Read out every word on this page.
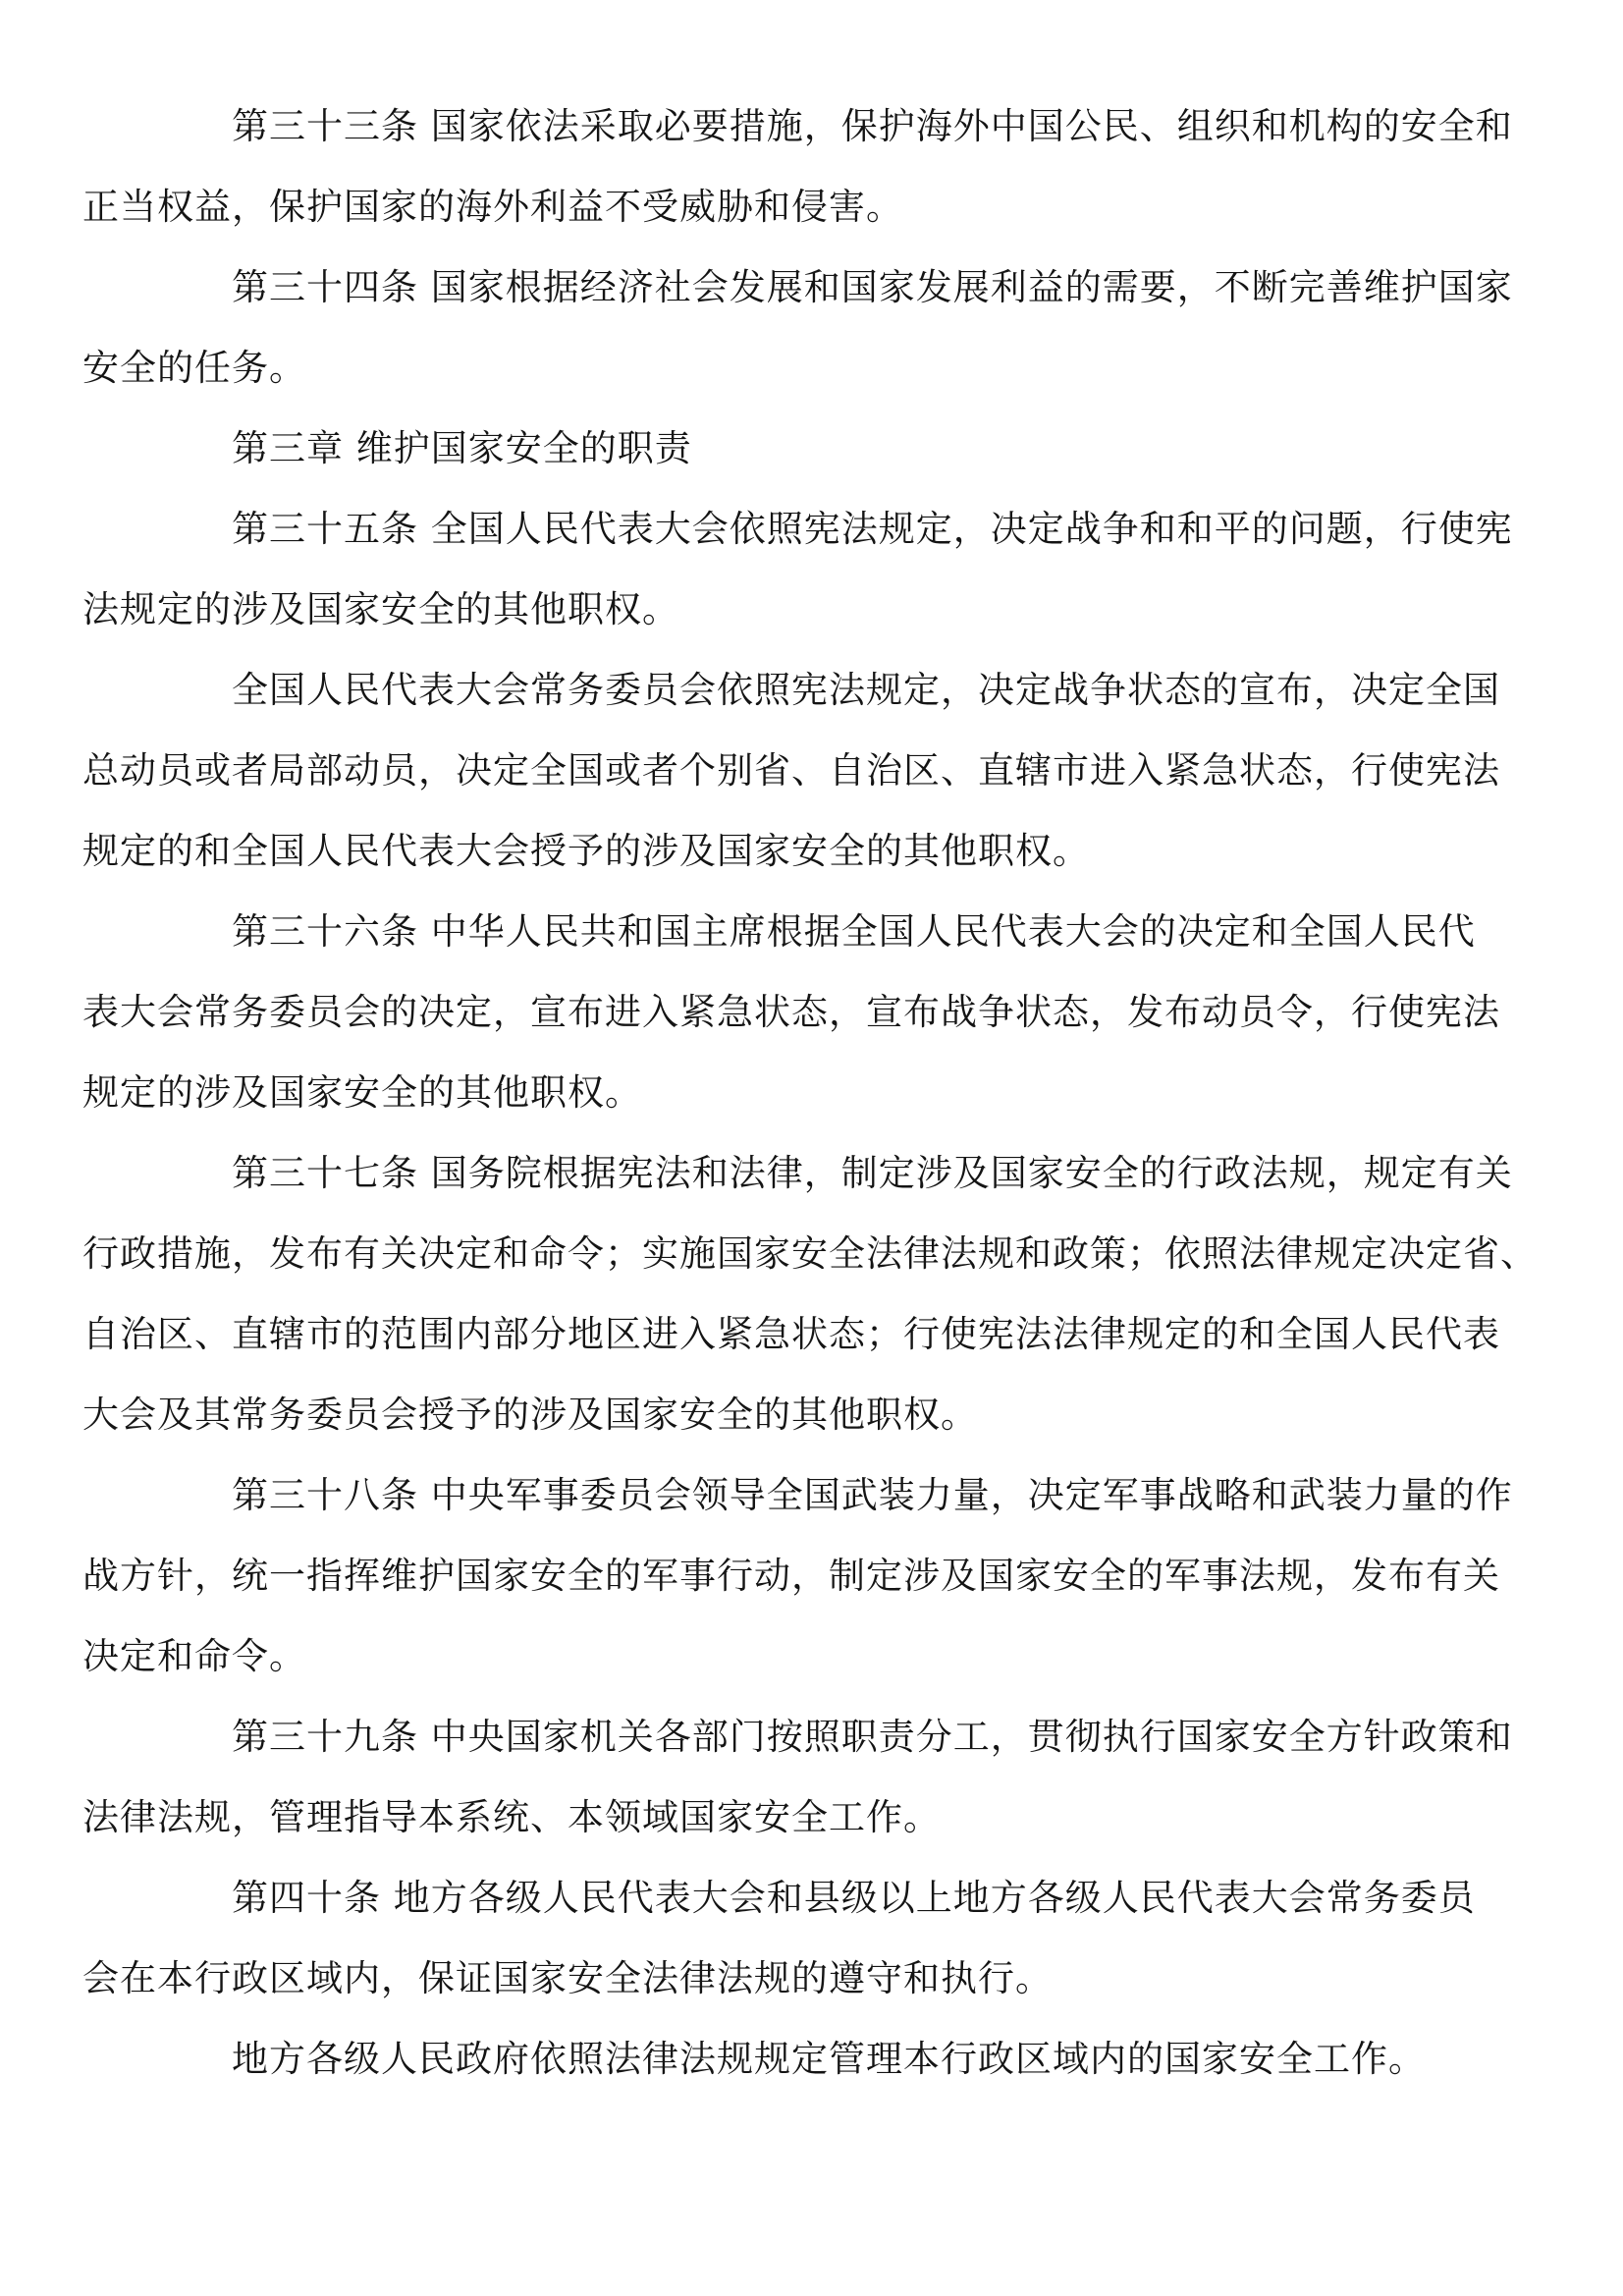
第三十三条 国家依法采取必要措施，保护海外中国公民、组织和机构的安全和
正当权益，保护国家的海外利益不受威胁和侵害。

第三十四条 国家根据经济社会发展和国家发展利益的需要，不断完善维护国家
安全的任务。

第三章 维护国家安全的职责

第三十五条 全国人民代表大会依照宪法规定，决定战争和和平的问题，行使宪
法规定的涉及国家安全的其他职权。

全国人民代表大会常务委员会依照宪法规定，决定战争状态的宣布，决定全国
总动员或者局部动员，决定全国或者个别省、自治区、直辖市进入紧急状态，行使宪法
规定的和全国人民代表大会授予的涉及国家安全的其他职权。

第三十六条 中华人民共和国主席根据全国人民代表大会的决定和全国人民代
表大会常务委员会的决定，宣布进入紧急状态，宣布战争状态，发布动员令，行使宪法
规定的涉及国家安全的其他职权。

第三十七条 国务院根据宪法和法律，制定涉及国家安全的行政法规，规定有关
行政措施，发布有关决定和命令；实施国家安全法律法规和政策；依照法律规定决定省、
自治区、直辖市的范围内部分地区进入紧急状态；行使宪法法律规定的和全国人民代表
大会及其常务委员会授予的涉及国家安全的其他职权。

第三十八条 中央军事委员会领导全国武装力量，决定军事战略和武装力量的作
战方针，统一指挥维护国家安全的军事行动，制定涉及国家安全的军事法规，发布有关
决定和命令。

第三十九条 中央国家机关各部门按照职责分工，贯彻执行国家安全方针政策和
法律法规，管理指导本系统、本领域国家安全工作。

第四十条 地方各级人民代表大会和县级以上地方各级人民代表大会常务委员
会在本行政区域内，保证国家安全法律法规的遵守和执行。

地方各级人民政府依照法律法规规定管理本行政区域内的国家安全工作。
